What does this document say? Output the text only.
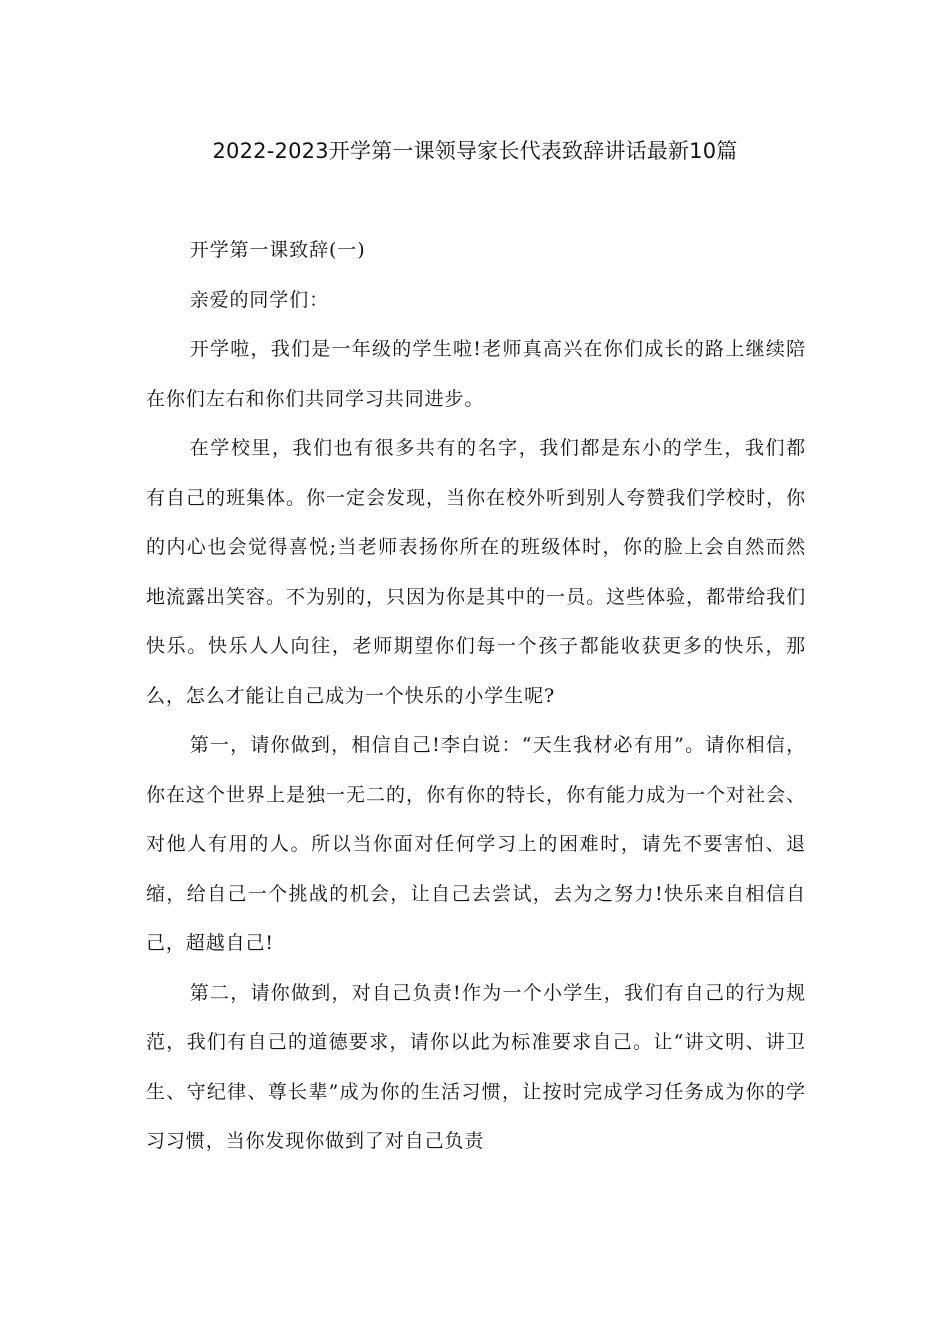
2022-2023开学第一课领导家长代表致辞讲话最新10篇

开学第一课致辞(一)

亲爱的同学们：

开学啦，我们是一年级的学生啦!老师真高兴在你们成长的路上继续陪在你们左右和你们共同学习共同进步。

在学校里，我们也有很多共有的名字，我们都是东小的学生，我们都有自己的班集体。你一定会发现，当你在校外听到别人夸赞我们学校时，你的内心也会觉得喜悦;当老师表扬你所在的班级体时，你的脸上会自然而然地流露出笑容。不为别的，只因为你是其中的一员。这些体验，都带给我们快乐。快乐人人向往，老师期望你们每一个孩子都能收获更多的快乐，那么，怎么才能让自己成为一个快乐的小学生呢?

第一，请你做到，相信自己!李白说：“天生我材必有用”。请你相信，你在这个世界上是独一无二的，你有你的特长，你有能力成为一个对社会、对他人有用的人。所以当你面对任何学习上的困难时，请先不要害怕、退缩，给自己一个挑战的机会，让自己去尝试，去为之努力!快乐来自相信自己，超越自己!

第二，请你做到，对自己负责!作为一个小学生，我们有自己的行为规范，我们有自己的道德要求，请你以此为标准要求自己。让“讲文明、讲卫生、守纪律、尊长辈”成为你的生活习惯，让按时完成学习任务成为你的学习习惯，当你发现你做到了对自己负责
